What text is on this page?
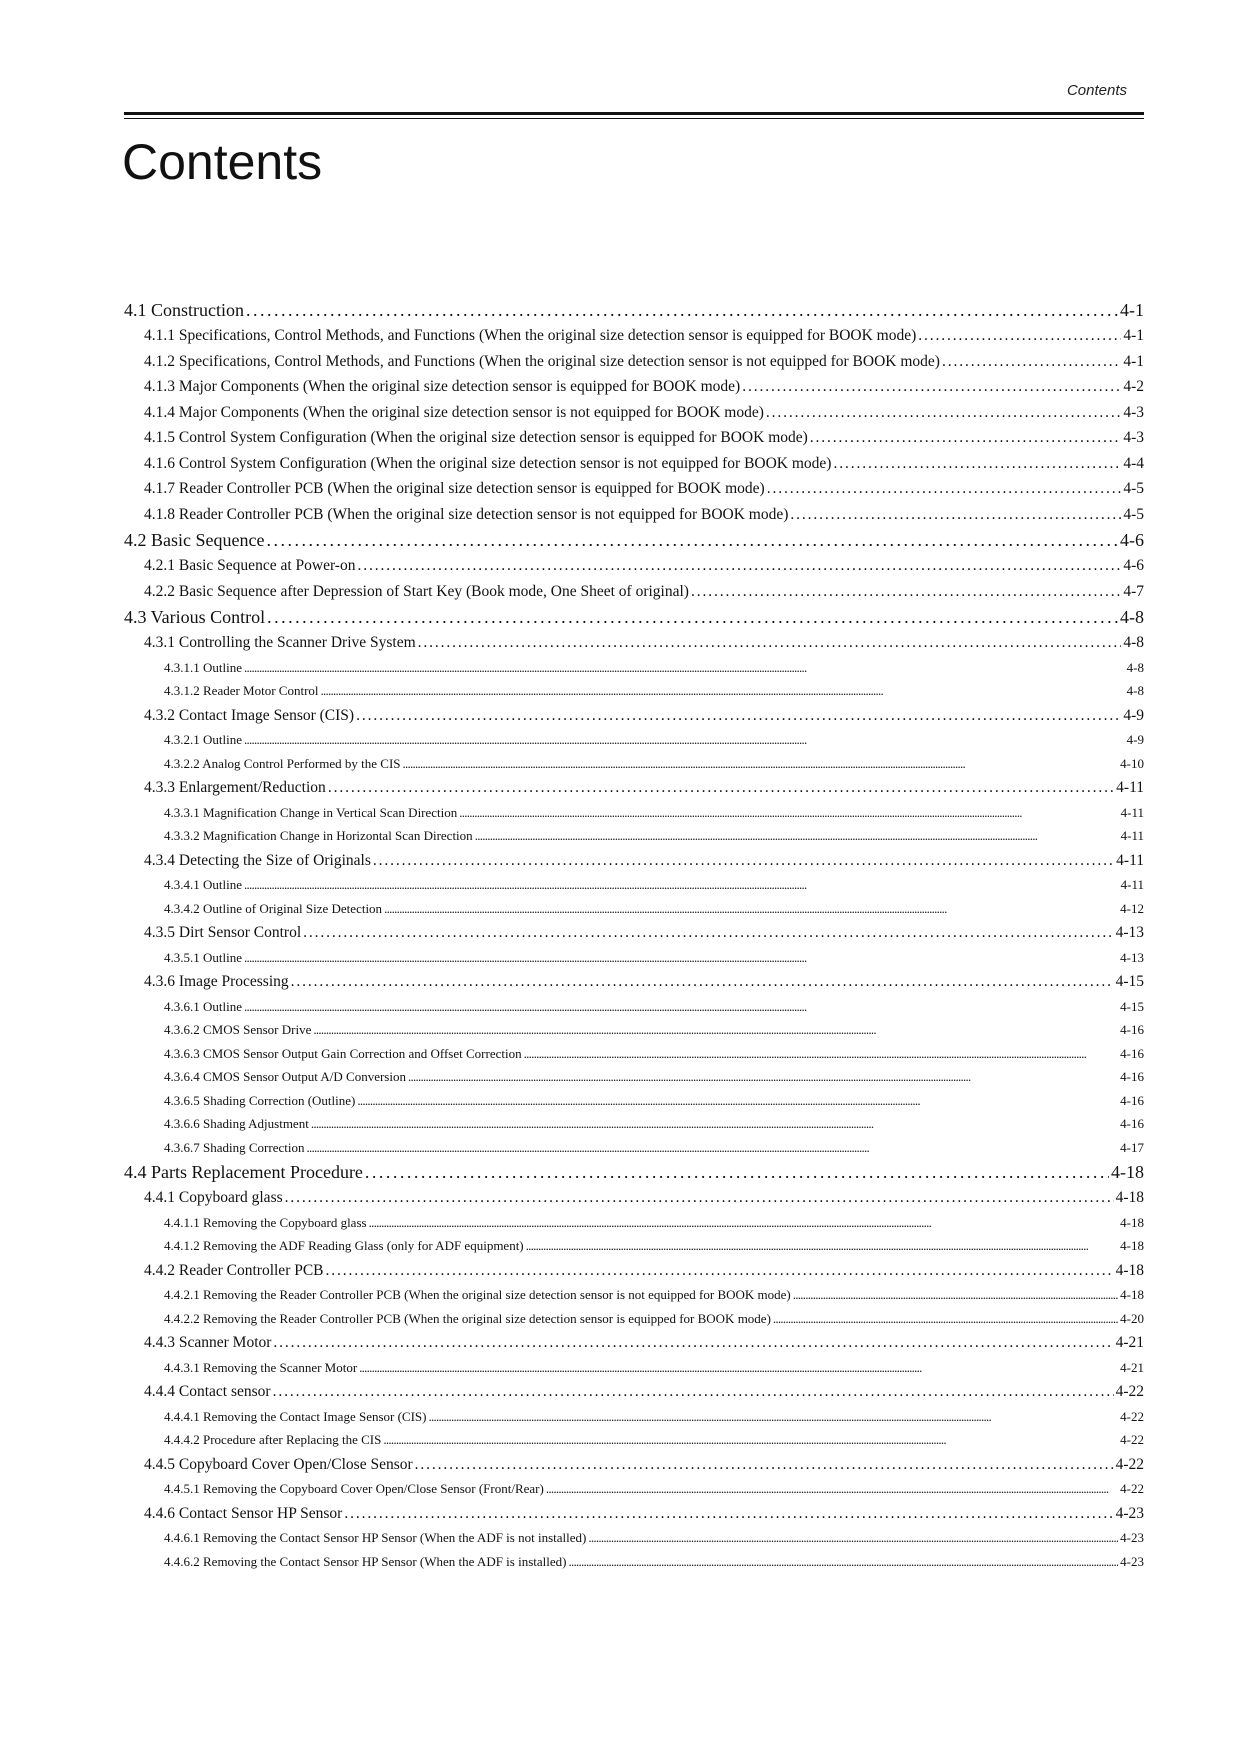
Contents
Contents
4.1 Construction . . .	4-1
4.1.1 Specifications, Control Methods, and Functions (When the original size detection sensor is equipped for BOOK mode) . . .	4-1
4.1.2 Specifications, Control Methods, and Functions (When the original size detection sensor is not equipped for BOOK mode) . . .	4-1
4.1.3 Major Components (When the original size detection sensor is equipped for BOOK mode) . . .	4-2
4.1.4 Major Components (When the original size detection sensor is not equipped for BOOK mode) . . .	4-3
4.1.5 Control System Configuration (When the original size detection sensor is equipped for BOOK mode) . . .	4-3
4.1.6 Control System Configuration (When the original size detection sensor is not equipped for BOOK mode) . . .	4-4
4.1.7 Reader Controller PCB (When the original size detection sensor is equipped for BOOK mode) . . .	4-5
4.1.8 Reader Controller PCB (When the original size detection sensor is not equipped for BOOK mode) . . .	4-5
4.2 Basic Sequence . . .	4-6
4.2.1 Basic Sequence at Power-on . . .	4-6
4.2.2 Basic Sequence after Depression of Start Key (Book mode, One Sheet of original) . . .	4-7
4.3 Various Control . . .	4-8
4.3.1 Controlling the Scanner Drive System . . .	4-8
4.3.1.1 Outline . . .	4-8
4.3.1.2 Reader Motor Control . . .	4-8
4.3.2 Contact Image Sensor (CIS) . . .	4-9
4.3.2.1 Outline . . .	4-9
4.3.2.2 Analog Control Performed by the CIS . . .	4-10
4.3.3 Enlargement/Reduction . . .	4-11
4.3.3.1 Magnification Change in Vertical Scan Direction . . .	4-11
4.3.3.2 Magnification Change in Horizontal Scan Direction . . .	4-11
4.3.4 Detecting the Size of Originals . . .	4-11
4.3.4.1 Outline . . .	4-11
4.3.4.2 Outline of Original Size Detection . . .	4-12
4.3.5 Dirt Sensor Control . . .	4-13
4.3.5.1 Outline . . .	4-13
4.3.6 Image Processing . . .	4-15
4.3.6.1 Outline . . .	4-15
4.3.6.2 CMOS Sensor Drive . . .	4-16
4.3.6.3 CMOS Sensor Output Gain Correction and Offset Correction . . .	4-16
4.3.6.4 CMOS Sensor Output A/D Conversion . . .	4-16
4.3.6.5 Shading Correction (Outline) . . .	4-16
4.3.6.6 Shading Adjustment . . .	4-16
4.3.6.7 Shading Correction . . .	4-17
4.4 Parts Replacement Procedure . . .	4-18
4.4.1 Copyboard glass . . .	4-18
4.4.1.1 Removing the Copyboard glass . . .	4-18
4.4.1.2 Removing the ADF Reading Glass (only for ADF equipment) . . .	4-18
4.4.2 Reader Controller PCB . . .	4-18
4.4.2.1 Removing the Reader Controller PCB (When the original size detection sensor is not equipped for BOOK mode) . . .	4-18
4.4.2.2 Removing the Reader Controller PCB (When the original size detection sensor is equipped for BOOK mode) . . .	4-20
4.4.3 Scanner Motor . . .	4-21
4.4.3.1 Removing the Scanner Motor . . .	4-21
4.4.4 Contact sensor . . .	4-22
4.4.4.1 Removing the Contact Image Sensor (CIS) . . .	4-22
4.4.4.2 Procedure after Replacing the CIS . . .	4-22
4.4.5 Copyboard Cover Open/Close Sensor . . .	4-22
4.4.5.1 Removing the Copyboard Cover Open/Close Sensor (Front/Rear) . . .	4-22
4.4.6 Contact Sensor HP Sensor . . .	4-23
4.4.6.1 Removing the Contact Sensor HP Sensor (When the ADF is not installed) . . .	4-23
4.4.6.2 Removing the Contact Sensor HP Sensor (When the ADF is installed) . . .	4-23
